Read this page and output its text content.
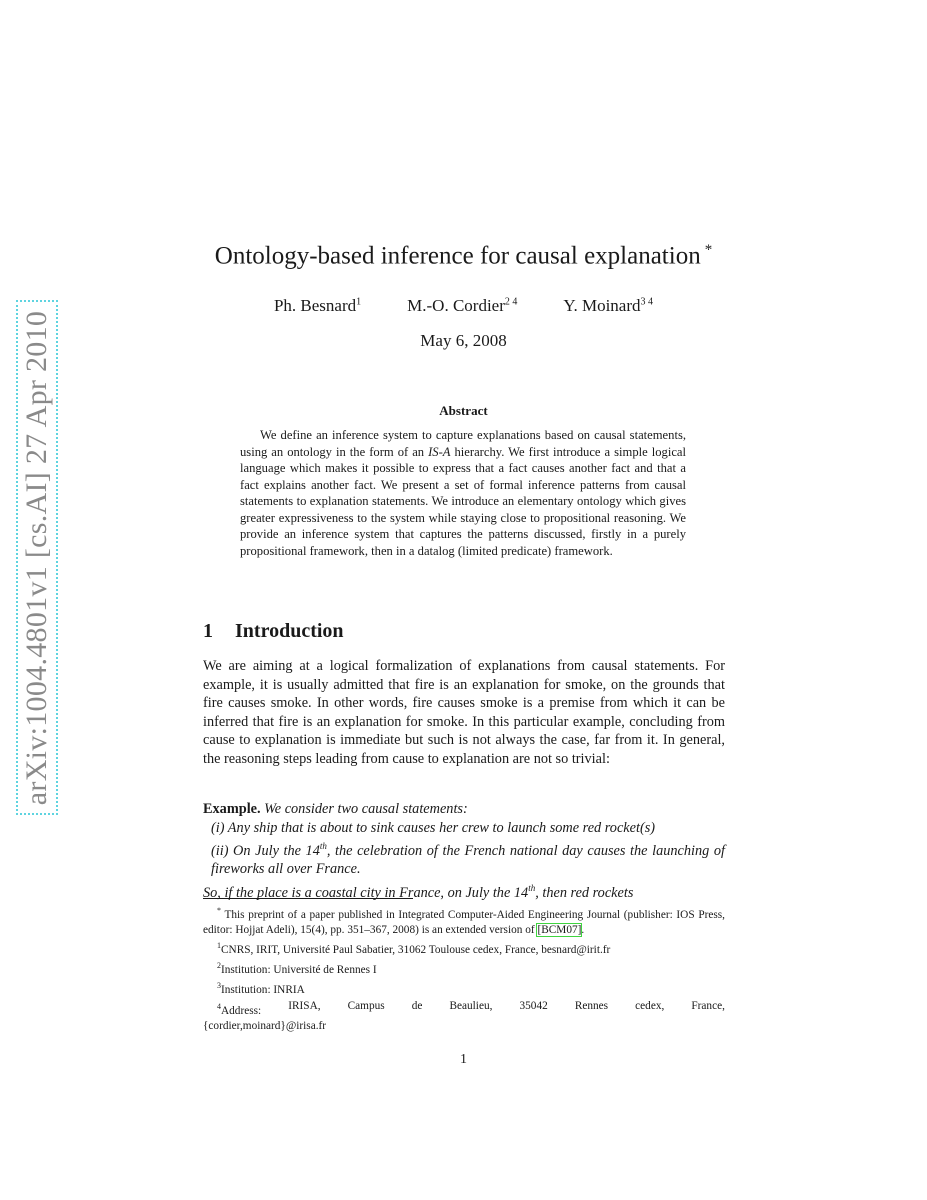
arXiv:1004.4801v1 [cs.AI] 27 Apr 2010
Ontology-based inference for causal explanation *
Ph. Besnard$^1$	M.-O. Cordier$^{2 4}$	Y. Moinard$^{3 4}$
May 6, 2008
Abstract
We define an inference system to capture explanations based on causal statements, using an ontology in the form of an IS-A hierarchy. We first introduce a simple logical language which makes it possible to express that a fact causes another fact and that a fact explains another fact. We present a set of formal inference patterns from causal statements to explanation statements. We introduce an elementary ontology which gives greater expressiveness to the system while staying close to propositional reasoning. We provide an inference system that captures the patterns discussed, firstly in a purely propositional framework, then in a datalog (limited predicate) framework.
1 Introduction
We are aiming at a logical formalization of explanations from causal statements. For example, it is usually admitted that fire is an explanation for smoke, on the grounds that fire causes smoke. In other words, fire causes smoke is a premise from which it can be inferred that fire is an explanation for smoke. In this particular example, concluding from cause to explanation is immediate but such is not always the case, far from it. In general, the reasoning steps leading from cause to explanation are not so trivial:
Example. We consider two causal statements:
(i) Any ship that is about to sink causes her crew to launch some red rocket(s)
(ii) On July the 14th, the celebration of the French national day causes the launching of fireworks all over France.
So, if the place is a coastal city in France, on July the 14th, then red rockets

* This preprint of a paper published in Integrated Computer-Aided Engineering Journal (publisher: IOS Press, editor: Hojjat Adeli), 15(4), pp. 351–367, 2008) is an extended version of [BCM07].

$^1$CNRS, IRIT, Université Paul Sabatier, 31062 Toulouse cedex, France, besnard@irit.fr

$^2$Institution: Université de Rennes I

$^3$Institution: INRIA

$^4$Address: IRISA, Campus de Beaulieu, 35042 Rennes cedex, France,

{cordier,moinard}@irisa.fr

1
